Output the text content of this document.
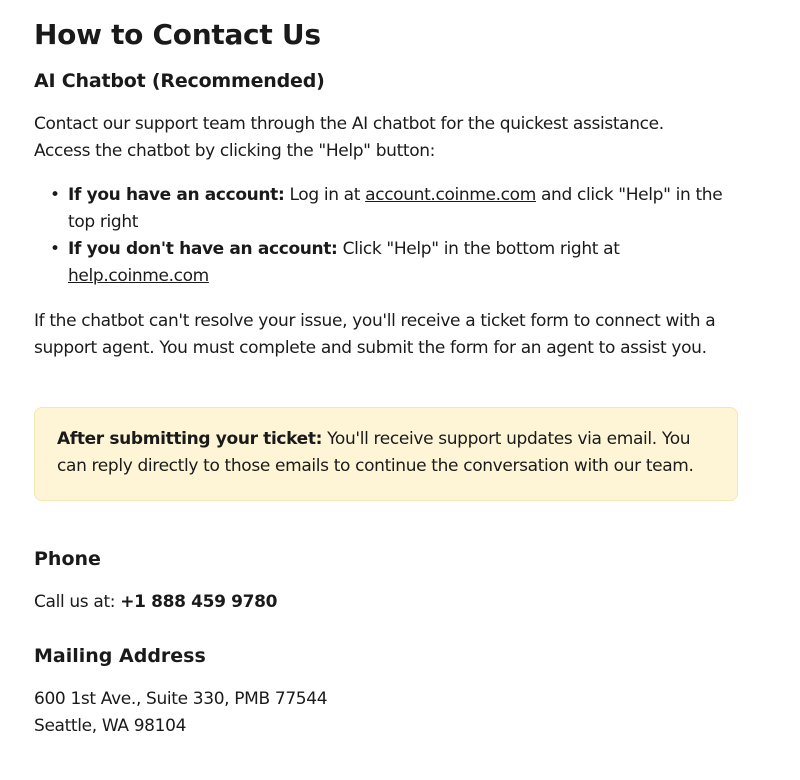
How to Contact Us
AI Chatbot (Recommended)
Contact our support team through the AI chatbot for the quickest assistance.
Access the chatbot by clicking the "Help" button:
• If you have an account: Log in at account.coinme.com and click "Help" in the
top right
• If you don't have an account: Click "Help" in the bottom right at
help.coinme.com
If the chatbot can't resolve your issue, you'll receive a ticket form to connect with a
support agent. You must complete and submit the form for an agent to assist you.
After submitting your ticket: You'll receive support updates via email. You
can reply directly to those emails to continue the conversation with our team.
Phone
Call us at: +1 888 459 9780
Mailing Address
600 1st Ave., Suite 330, PMB 77544
Seattle, WA 98104
